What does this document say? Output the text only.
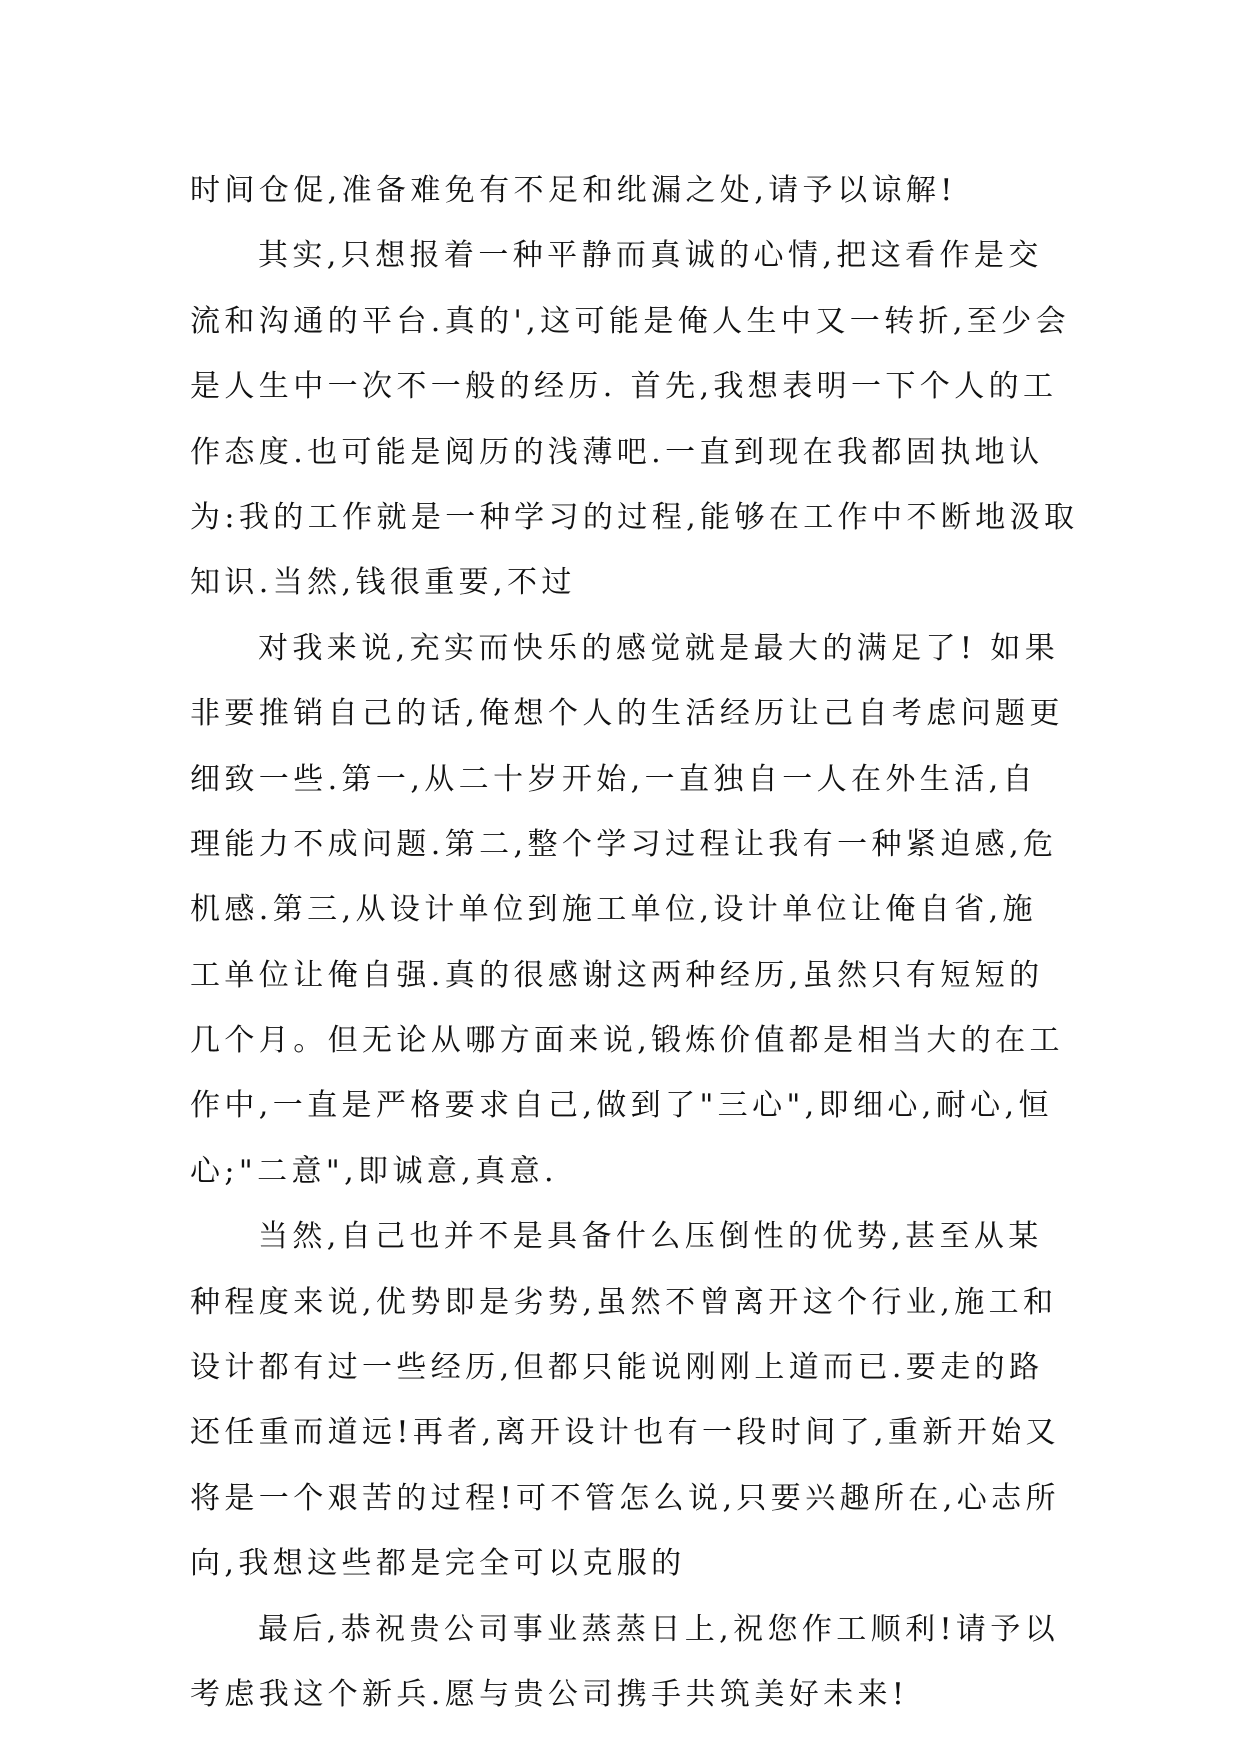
时间仓促,准备难免有不足和纰漏之处,请予以谅解!
其实,只想报着一种平静而真诚的心情,把这看作是交
流和沟通的平台.真的',这可能是俺人生中又一转折,至少会
是人生中一次不一般的经历. 首先,我想表明一下个人的工
作态度.也可能是阅历的浅薄吧.一直到现在我都固执地认
为:我的工作就是一种学习的过程,能够在工作中不断地汲取
知识.当然,钱很重要,不过
对我来说,充实而快乐的感觉就是最大的满足了! 如果
非要推销自己的话,俺想个人的生活经历让己自考虑问题更
细致一些.第一,从二十岁开始,一直独自一人在外生活,自
理能力不成问题.第二,整个学习过程让我有一种紧迫感,危
机感.第三,从设计单位到施工单位,设计单位让俺自省,施
工单位让俺自强.真的很感谢这两种经历,虽然只有短短的
几个月。但无论从哪方面来说,锻炼价值都是相当大的在工
作中,一直是严格要求自己,做到了"三心",即细心,耐心,恒
心;"二意",即诚意,真意.
当然,自己也并不是具备什么压倒性的优势,甚至从某
种程度来说,优势即是劣势,虽然不曾离开这个行业,施工和
设计都有过一些经历,但都只能说刚刚上道而已.要走的路
还任重而道远!再者,离开设计也有一段时间了,重新开始又
将是一个艰苦的过程!可不管怎么说,只要兴趣所在,心志所
向,我想这些都是完全可以克服的
最后,恭祝贵公司事业蒸蒸日上,祝您作工顺利!请予以
考虑我这个新兵.愿与贵公司携手共筑美好未来!
